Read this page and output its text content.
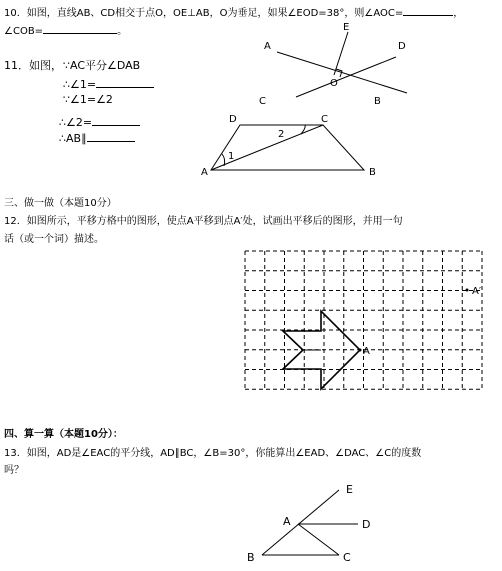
10．如图，直线AB、CD相交于点O，OE⊥AB，O为垂足，如果∠EOD=38°，则∠AOC=	，
∠COB=	。	E
A	D
O
C	B
11．如图， ∵AC平分∠DAB
∴∠1=
∵∠1=∠2
∴∠2=
∴AB∥
D	C
A	B
1
2
三、做一做（本题10分）
12．如图所示，平移方格中的图形，使点A平移到点A′处，试画出平移后的图形，并用一句
话（或一个词）描述。
A
A′
四、算一算（本题10分）：
13．如图，AD是∠EAC的平分线，AD∥BC，∠B=30°，你能算出∠EAD、∠DAC、∠C的度数
吗？
E
A	D
B	C
